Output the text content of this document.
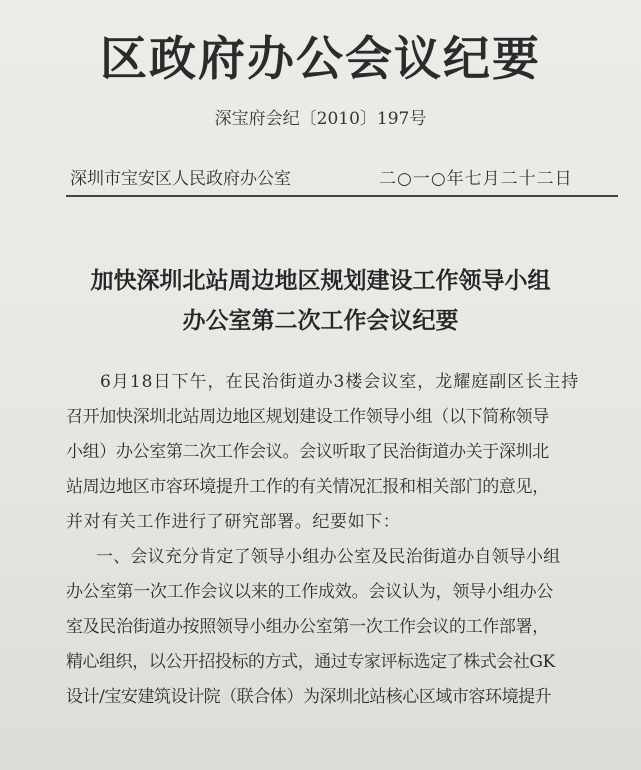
区政府办公会议纪要
深宝府会纪〔2010〕197号
深圳市宝安区人民政府办公室	二○一○年七月二十二日
加快深圳北站周边地区规划建设工作领导小组
办公室第二次工作会议纪要
6月18日下午，在民治街道办3楼会议室，龙耀庭副区长主持
召开加快深圳北站周边地区规划建设工作领导小组（以下简称领导
小组）办公室第二次工作会议。会议听取了民治街道办关于深圳北
站周边地区市容环境提升工作的有关情况汇报和相关部门的意见，
并对有关工作进行了研究部署。纪要如下：
一、会议充分肯定了领导小组办公室及民治街道办自领导小组
办公室第一次工作会议以来的工作成效。会议认为，领导小组办公
室及民治街道办按照领导小组办公室第一次工作会议的工作部署，
精心组织，以公开招投标的方式，通过专家评标选定了株式会社GK
设计/宝安建筑设计院（联合体）为深圳北站核心区域市容环境提升
